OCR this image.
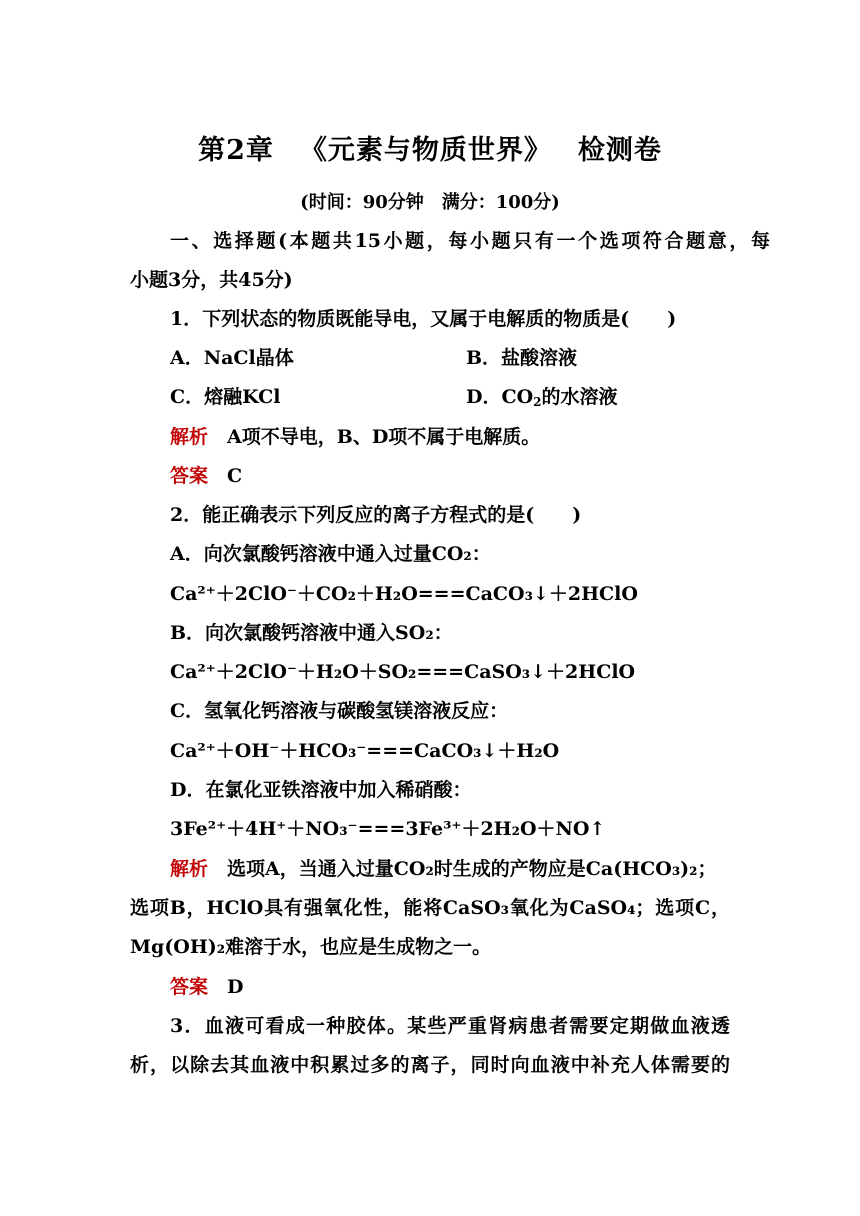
第2章 《元素与物质世界》 检测卷
(时间：90分钟　满分：100分)
一、选择题(本题共15小题，每小题只有一个选项符合题意，每
小题3分，共45分)
1．下列状态的物质既能导电，又属于电解质的物质是(　　)
A．NaCl晶体	B．盐酸溶液
C．熔融KCl	D．$CO_2$的水溶液
解析　 A项不导电，B、D项不属于电解质。
答案　 C
2．能正确表示下列反应的离子方程式的是(　　)
A．向次氯酸钙溶液中通入过量CO₂：
Ca²⁺＋2ClO⁻＋CO₂＋H₂O===CaCO₃↓＋2HClO
B．向次氯酸钙溶液中通入SO₂：
Ca²⁺＋2ClO⁻＋H₂O＋SO₂===CaSO₃↓＋2HClO
C．氢氧化钙溶液与碳酸氢镁溶液反应：
Ca²⁺＋OH⁻＋HCO₃⁻===CaCO₃↓＋H₂O
D．在氯化亚铁溶液中加入稀硝酸：
3Fe²⁺＋4H⁺＋NO₃⁻===3Fe³⁺＋2H₂O＋NO↑
解析　 选项A，当通入过量CO₂时生成的产物应是Ca(HCO₃)₂；
选项B，HClO具有强氧化性，能将CaSO₃氧化为CaSO₄；选项C，
Mg(OH)₂难溶于水，也应是生成物之一。
答案　 D
3．血液可看成一种胶体。某些严重肾病患者需要定期做血液透
析，以除去其血液中积累过多的离子，同时向血液中补充人体需要的
